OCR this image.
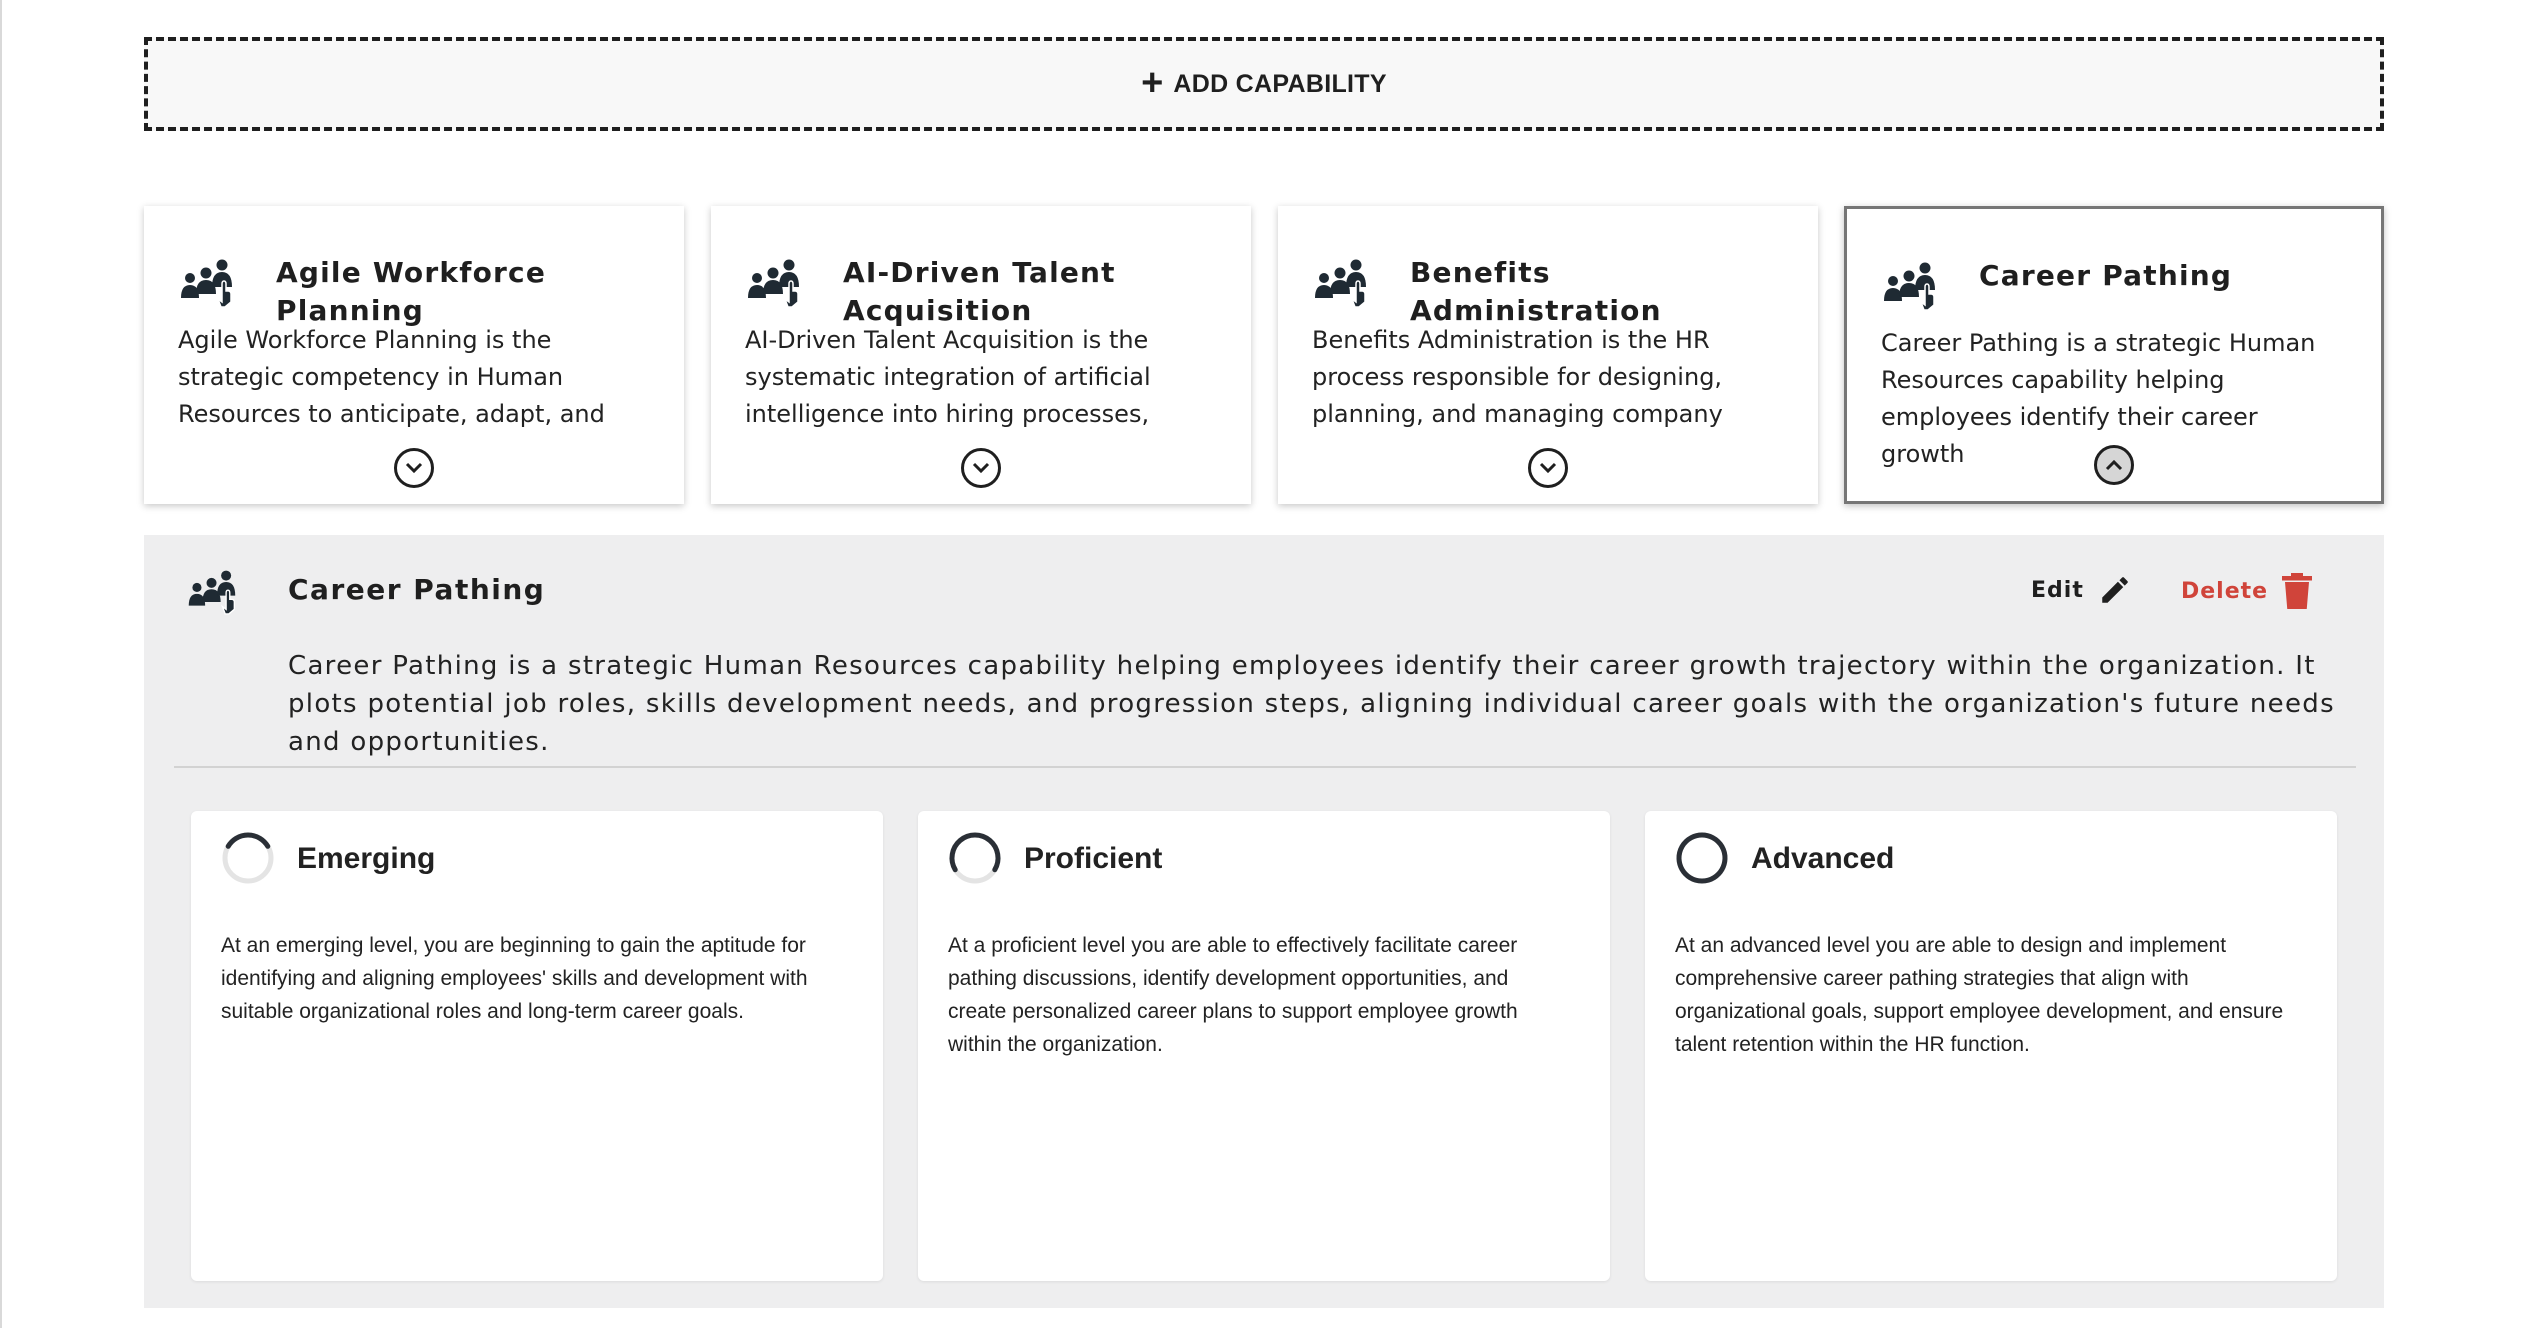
+ ADD CAPABILITY
Agile Workforce Planning
Agile Workforce Planning is the strategic competency in Human Resources to anticipate, adapt, and
AI-Driven Talent Acquisition
AI-Driven Talent Acquisition is the systematic integration of artificial intelligence into hiring processes,
Benefits Administration
Benefits Administration is the HR process responsible for designing, planning, and managing company
Career Pathing
Career Pathing is a strategic Human Resources capability helping employees identify their career growth
Career Pathing	Edit	Delete
Career Pathing is a strategic Human Resources capability helping employees identify their career growth trajectory within the organization. It plots potential job roles, skills development needs, and progression steps, aligning individual career goals with the organization's future needs and opportunities.
Emerging
At an emerging level, you are beginning to gain the aptitude for identifying and aligning employees' skills and development with suitable organizational roles and long-term career goals.
Proficient
At a proficient level you are able to effectively facilitate career pathing discussions, identify development opportunities, and create personalized career plans to support employee growth within the organization.
Advanced
At an advanced level you are able to design and implement comprehensive career pathing strategies that align with organizational goals, support employee development, and ensure talent retention within the HR function.
